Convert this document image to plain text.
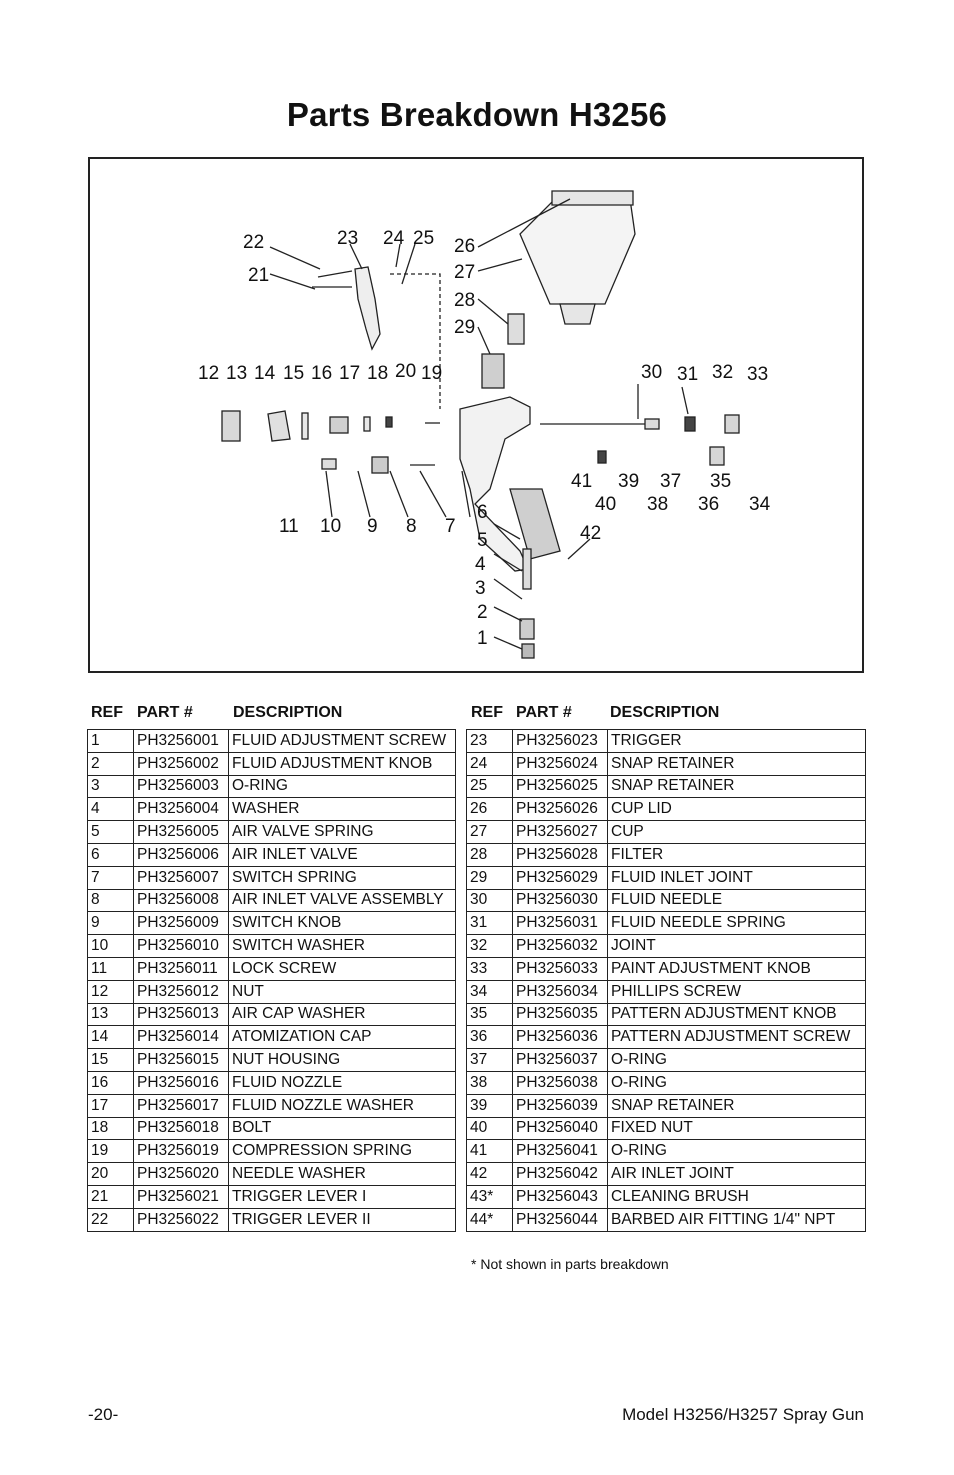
Parts Breakdown H3256
22	23 24 25 26
27
28
29
21
12 13 14 15 16 17 18 20 19	30 31 32 33
41 39 37 35
40 38 36 34
6
42
5
4
3
2
1
11 10 9 8 7
REF PART #	DESCRIPTION	REF PART # DESCRIPTION
1	PH3256001	FLUID ADJUSTMENT SCREW
2	PH3256002	FLUID ADJUSTMENT KNOB
3	PH3256003	O-RING
4	PH3256004	WASHER
5	PH3256005	AIR VALVE SPRING
6	PH3256006	AIR INLET VALVE
7	PH3256007	SWITCH SPRING
8	PH3256008	AIR INLET VALVE ASSEMBLY
9	PH3256009	SWITCH KNOB
10	PH3256010	SWITCH WASHER
11	PH3256011	LOCK SCREW
12	PH3256012	NUT
13	PH3256013	AIR CAP WASHER
14	PH3256014	ATOMIZATION CAP
15	PH3256015	NUT HOUSING
16	PH3256016	FLUID NOZZLE
17	PH3256017	FLUID NOZZLE WASHER
18	PH3256018	BOLT
19	PH3256019	COMPRESSION SPRING
20	PH3256020	NEEDLE WASHER
21	PH3256021	TRIGGER LEVER I
22	PH3256022	TRIGGER LEVER II
23	PH3256023	TRIGGER
24	PH3256024	SNAP RETAINER
25	PH3256025	SNAP RETAINER
26	PH3256026	CUP LID
27	PH3256027	CUP
28	PH3256028	FILTER
29	PH3256029	FLUID INLET JOINT
30	PH3256030	FLUID NEEDLE
31	PH3256031	FLUID NEEDLE SPRING
32	PH3256032	JOINT
33	PH3256033	PAINT ADJUSTMENT KNOB
34	PH3256034	PHILLIPS SCREW
35	PH3256035	PATTERN ADJUSTMENT KNOB
36	PH3256036	PATTERN ADJUSTMENT SCREW
37	PH3256037	O-RING
38	PH3256038	O-RING
39	PH3256039	SNAP RETAINER
40	PH3256040	FIXED NUT
41	PH3256041	O-RING
42	PH3256042	AIR INLET JOINT
43*	PH3256043	CLEANING BRUSH
44*	PH3256044	BARBED AIR FITTING 1/4" NPT
* Not shown in parts breakdown
-20-	Model H3256/H3257 Spray Gun
